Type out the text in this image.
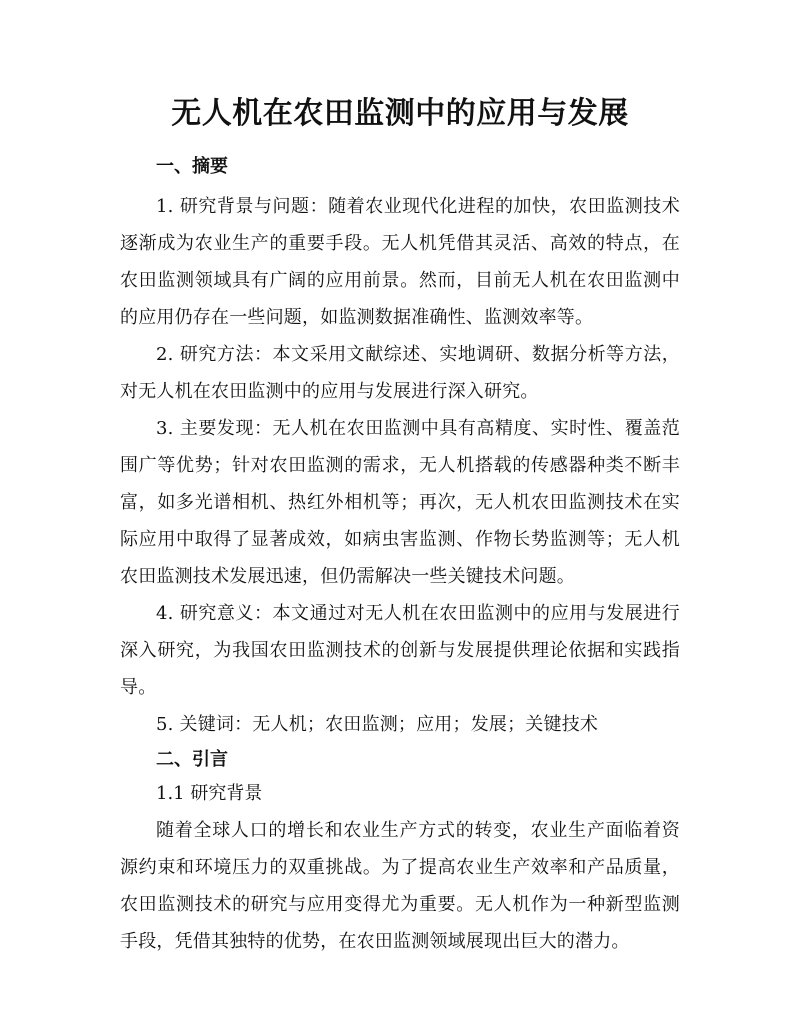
无人机在农田监测中的应用与发展
一、摘要

1. 研究背景与问题：随着农业现代化进程的加快，农田监测技术逐渐成为农业生产的重要手段。无人机凭借其灵活、高效的特点，在农田监测领域具有广阔的应用前景。然而，目前无人机在农田监测中的应用仍存在一些问题，如监测数据准确性、监测效率等。

2. 研究方法：本文采用文献综述、实地调研、数据分析等方法，对无人机在农田监测中的应用与发展进行深入研究。

3. 主要发现：无人机在农田监测中具有高精度、实时性、覆盖范围广等优势；针对农田监测的需求，无人机搭载的传感器种类不断丰富，如多光谱相机、热红外相机等；再次，无人机农田监测技术在实际应用中取得了显著成效，如病虫害监测、作物长势监测等；无人机农田监测技术发展迅速，但仍需解决一些关键技术问题。

4. 研究意义：本文通过对无人机在农田监测中的应用与发展进行深入研究，为我国农田监测技术的创新与发展提供理论依据和实践指导。

5. 关键词：无人机；农田监测；应用；发展；关键技术

二、引言
1.1 研究背景

随着全球人口的增长和农业生产方式的转变，农业生产面临着资源约束和环境压力的双重挑战。为了提高农业生产效率和产品质量，农田监测技术的研究与应用变得尤为重要。无人机作为一种新型监测手段，凭借其独特的优势，在农田监测领域展现出巨大的潜力。
